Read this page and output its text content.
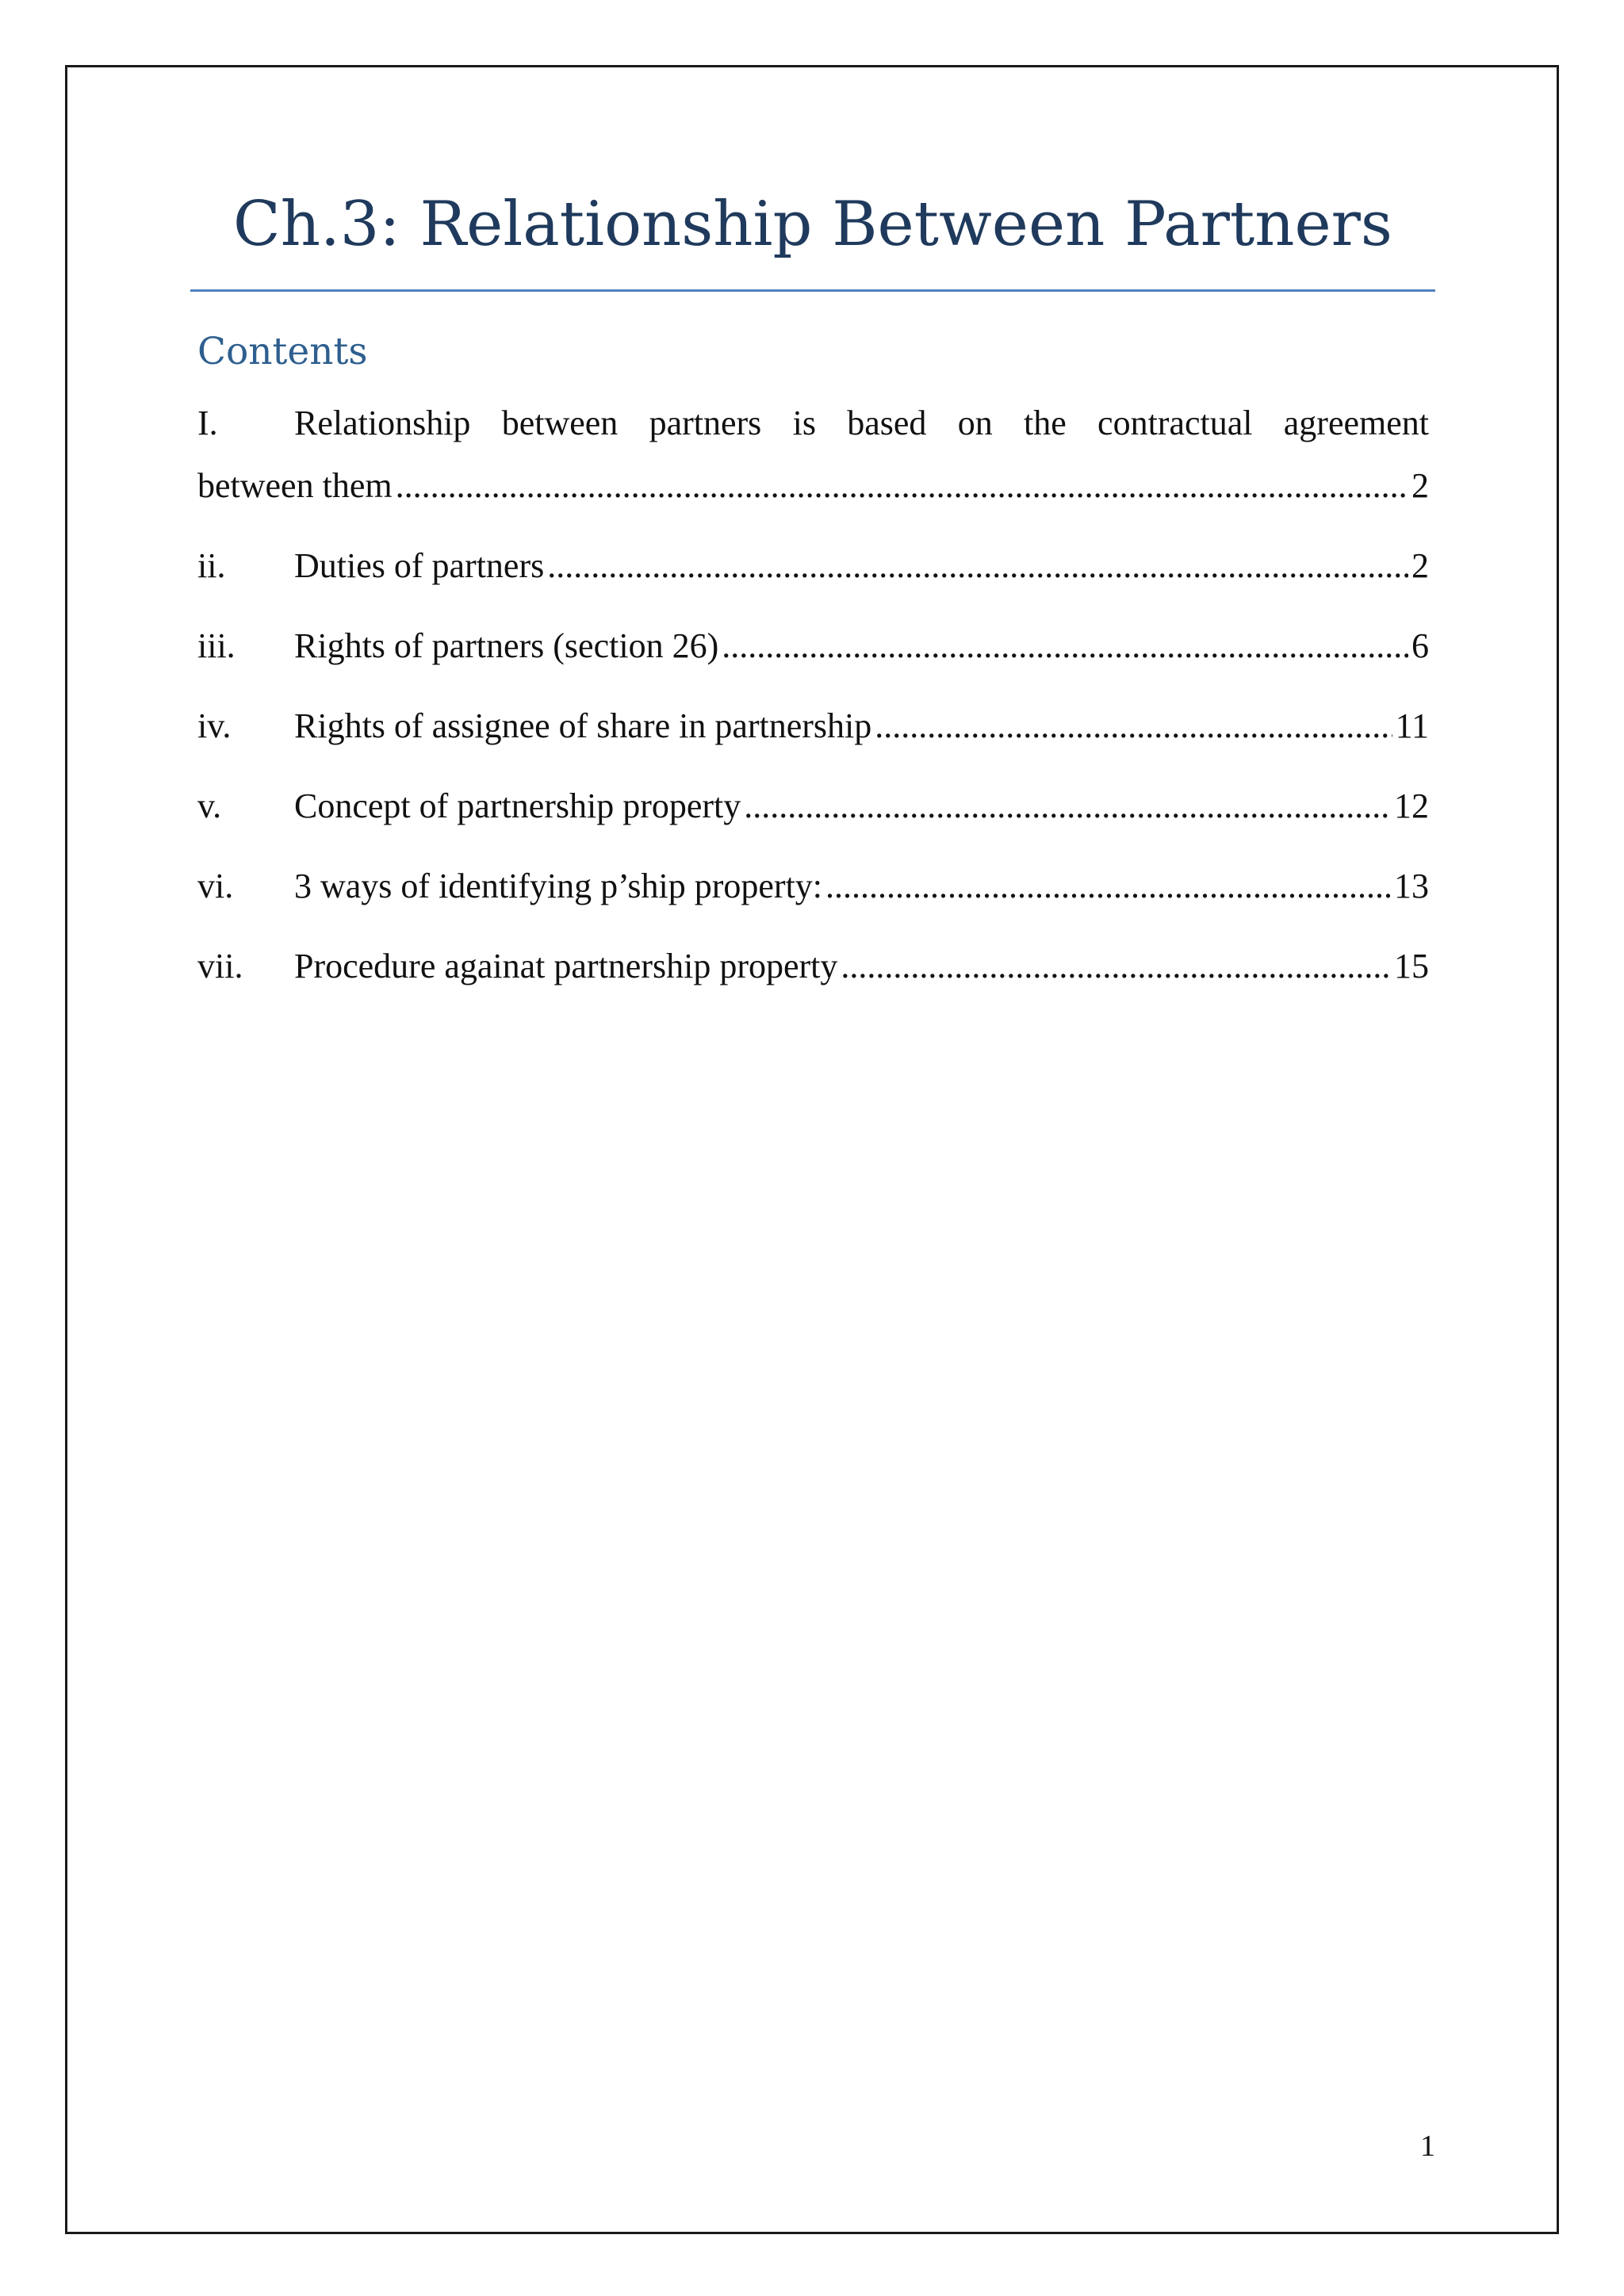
Ch.3: Relationship Between Partners
Contents
I.	Relationship between partners is based on the contractual agreement
between them .....	2
ii.	Duties of partners .....	2
iii.	Rights of partners (section 26) .....	6
iv.	Rights of assignee of share in partnership .....	11
v.	Concept of partnership property .....	12
vi.	3 ways of identifying p’ship property: .....	13
vii.	Procedure againat partnership property .....	15
1
